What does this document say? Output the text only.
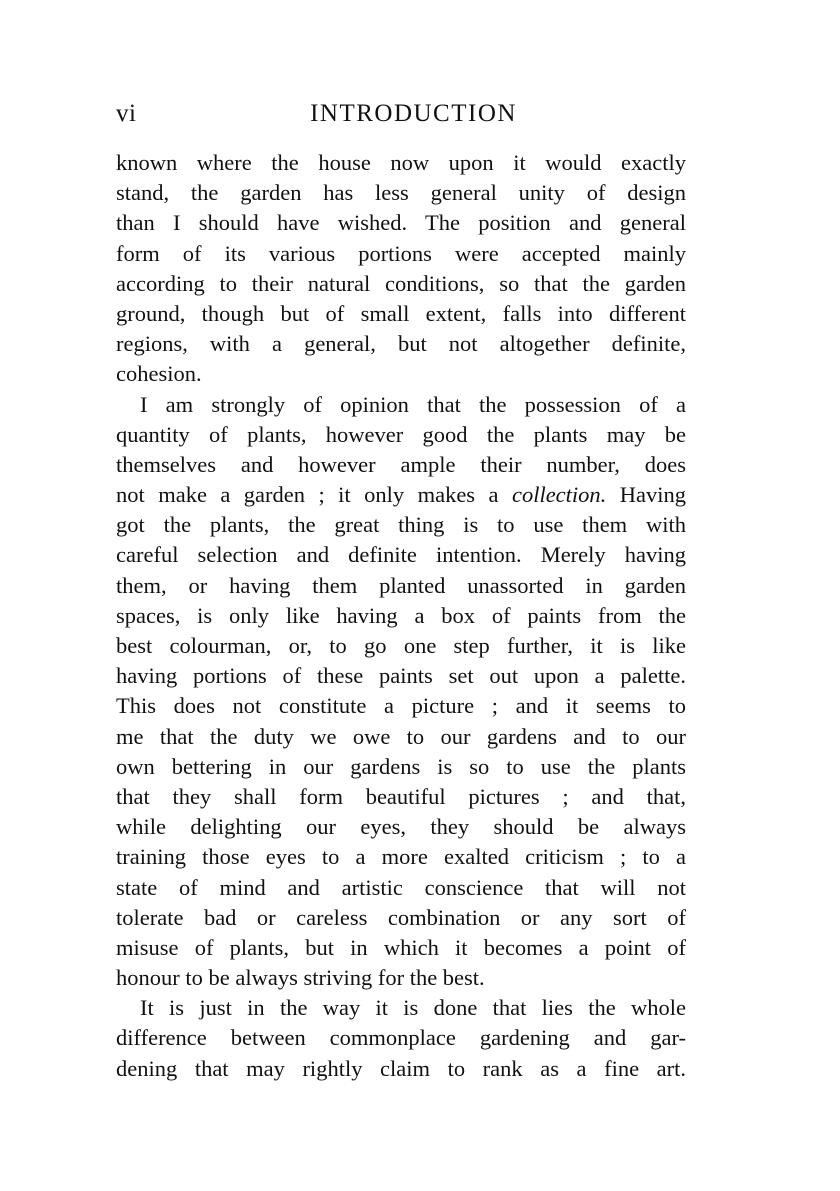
vi	INTRODUCTION
known where the house now upon it would exactly
stand, the garden has less general unity of design
than I should have wished. The position and general
form of its various portions were accepted mainly
according to their natural conditions, so that the garden
ground, though but of small extent, falls into different
regions, with a general, but not altogether definite,
cohesion.
I am strongly of opinion that the possession of a
quantity of plants, however good the plants may be
themselves and however ample their number, does
not make a garden ; it only makes a collection. Having
got the plants, the great thing is to use them with
careful selection and definite intention. Merely having
them, or having them planted unassorted in garden
spaces, is only like having a box of paints from the
best colourman, or, to go one step further, it is like
having portions of these paints set out upon a palette.
This does not constitute a picture ; and it seems to
me that the duty we owe to our gardens and to our
own bettering in our gardens is so to use the plants
that they shall form beautiful pictures ; and that,
while delighting our eyes, they should be always
training those eyes to a more exalted criticism ; to a
state of mind and artistic conscience that will not
tolerate bad or careless combination or any sort of
misuse of plants, but in which it becomes a point of
honour to be always striving for the best.
It is just in the way it is done that lies the whole
difference between commonplace gardening and gar-
dening that may rightly claim to rank as a fine art.
